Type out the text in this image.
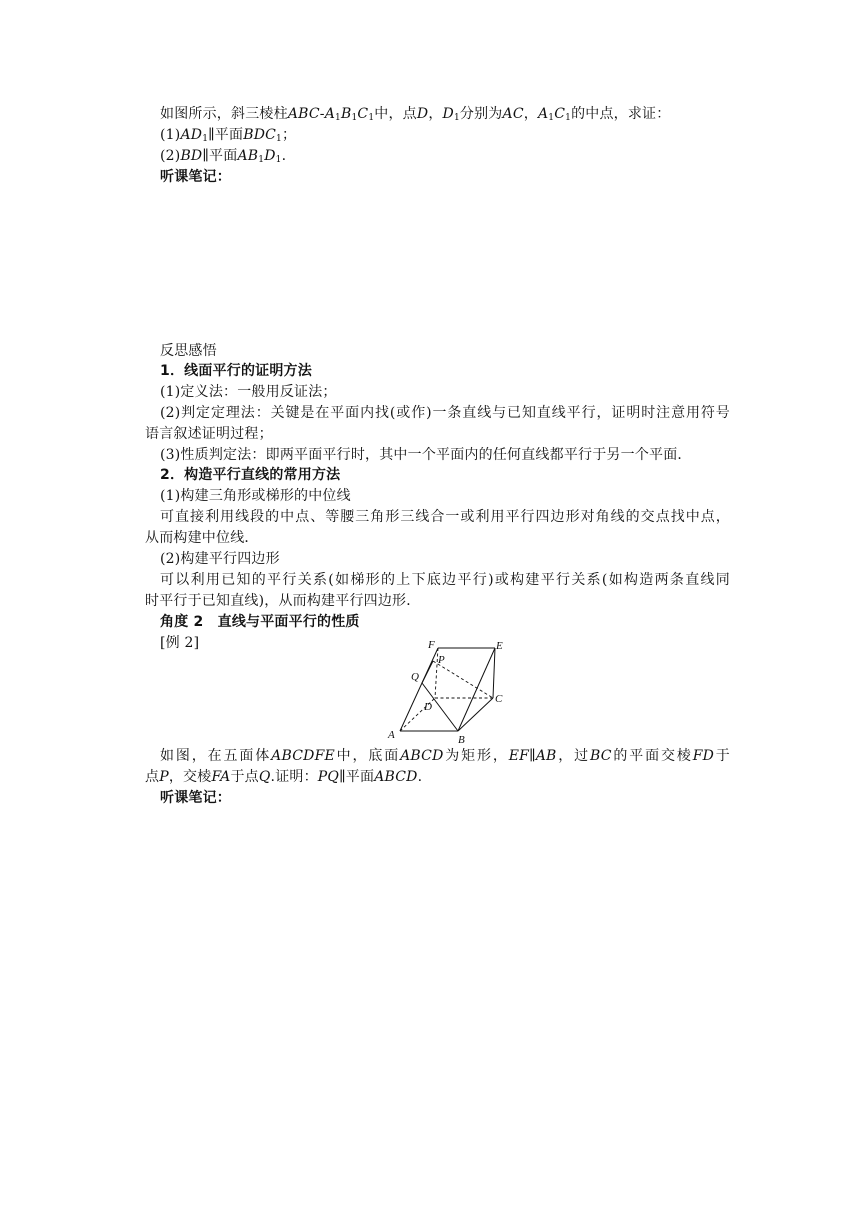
如图所示，斜三棱柱ABC-$A_1B_1C_1$中，点D，$D_1$分别为AC，$A_1C_1$的中点，求证：
$(1)AD_1\parallel$平面$BDC_1$；
(2)BD∥平面$AB_1D_1$.
听课笔记：
反思感悟
1．线面平行的证明方法
(1)定义法：一般用反证法；
(2)判定定理法：关键是在平面内找(或作)一条直线与已知直线平行，证明时注意用符号
语言叙述证明过程；
(3)性质判定法：即两平面平行时，其中一个平面内的任何直线都平行于另一个平面．
2．构造平行直线的常用方法
(1)构建三角形或梯形的中位线
可直接利用线段的中点、等腰三角形三线合一或利用平行四边形对角线的交点找中点，
从而构建中位线．
(2)构建平行四边形
可以利用已知的平行关系(如梯形的上下底边平行)或构建平行关系(如构造两条直线同
时平行于已知直线)，从而构建平行四边形．
角度 2　直线与平面平行的性质
[例 2]	F	E
P
Q
D
C
A	B
如图，在五面体ABCDFE中，底面ABCD为矩形，EF∥AB，过BC的平面交棱FD于
点P，交棱FA于点Q.证明：PQ∥平面ABCD.
听课笔记：
